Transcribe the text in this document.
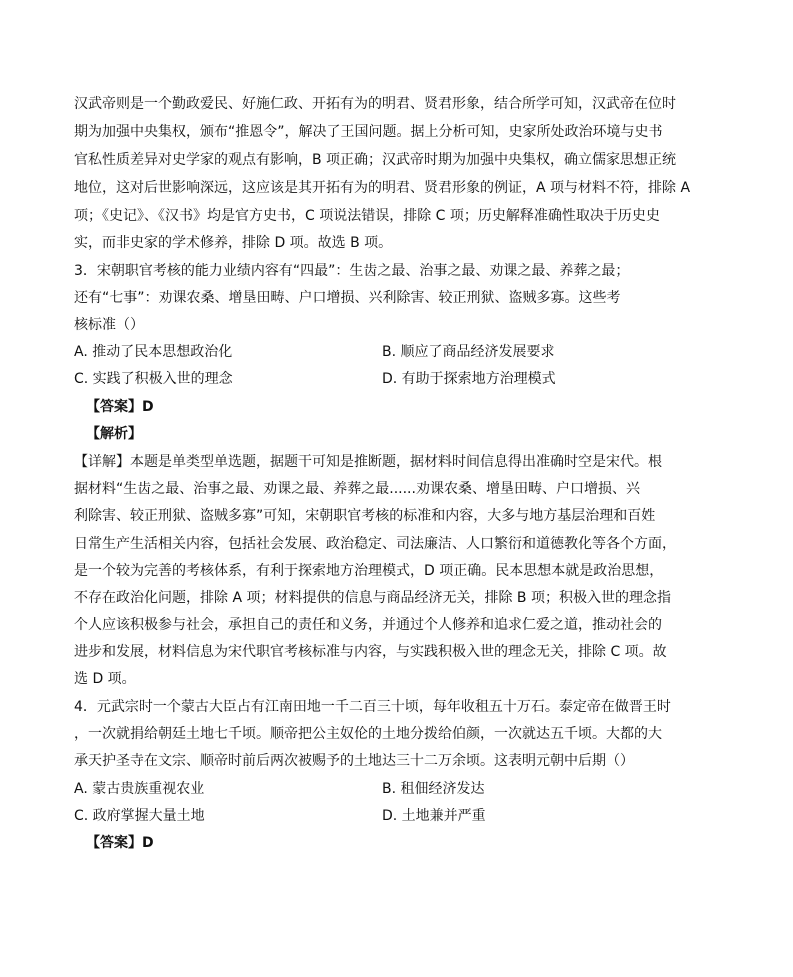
汉武帝则是一个勤政爱民、好施仁政、开拓有为的明君、贤君形象，结合所学可知，汉武帝在位时
期为加强中央集权，颁布“推恩令”，解决了王国问题。据上分析可知，史家所处政治环境与史书
官私性质差异对史学家的观点有影响，B 项正确；汉武帝时期为加强中央集权，确立儒家思想正统
地位，这对后世影响深远，这应该是其开拓有为的明君、贤君形象的例证，A 项与材料不符，排除 A
项；《史记》、《汉书》均是官方史书，C 项说法错误，排除 C 项；历史解释准确性取决于历史史
实，而非史家的学术修养，排除 D 项。故选 B 项。
3．宋朝职官考核的能力业绩内容有“四最”：生齿之最、治事之最、劝课之最、养葬之最；
还有“七事”：劝课农桑、增垦田畴、户口增损、兴利除害、较正刑狱、盗贼多寡。这些考
核标准（）
A. 推动了民本思想政治化	B. 顺应了商品经济发展要求
C. 实践了积极入世的理念	D. 有助于探索地方治理模式
【答案】D
【解析】
【详解】本题是单类型单选题，据题干可知是推断题，据材料时间信息得出准确时空是宋代。根
据材料“生齿之最、治事之最、劝课之最、养葬之最......劝课农桑、增垦田畴、户口增损、兴
利除害、较正刑狱、盗贼多寡”可知，宋朝职官考核的标准和内容，大多与地方基层治理和百姓
日常生产生活相关内容，包括社会发展、政治稳定、司法廉洁、人口繁衍和道德教化等各个方面，
是一个较为完善的考核体系，有利于探索地方治理模式，D 项正确。民本思想本就是政治思想，
不存在政治化问题，排除 A 项；材料提供的信息与商品经济无关，排除 B 项；积极入世的理念指
个人应该积极参与社会，承担自己的责任和义务，并通过个人修养和追求仁爱之道，推动社会的
进步和发展，材料信息为宋代职官考核标准与内容，与实践积极入世的理念无关，排除 C 项。故
选 D 项。
4．元武宗时一个蒙古大臣占有江南田地一千二百三十顷，每年收租五十万石。泰定帝在做晋王时
，一次就捐给朝廷土地七千顷。顺帝把公主奴伦的土地分拨给伯颜，一次就达五千顷。大都的大
承天护圣寺在文宗、顺帝时前后两次被赐予的土地达三十二万余顷。这表明元朝中后期（）
A. 蒙古贵族重视农业	B. 租佃经济发达
C. 政府掌握大量土地	D. 土地兼并严重
【答案】D
